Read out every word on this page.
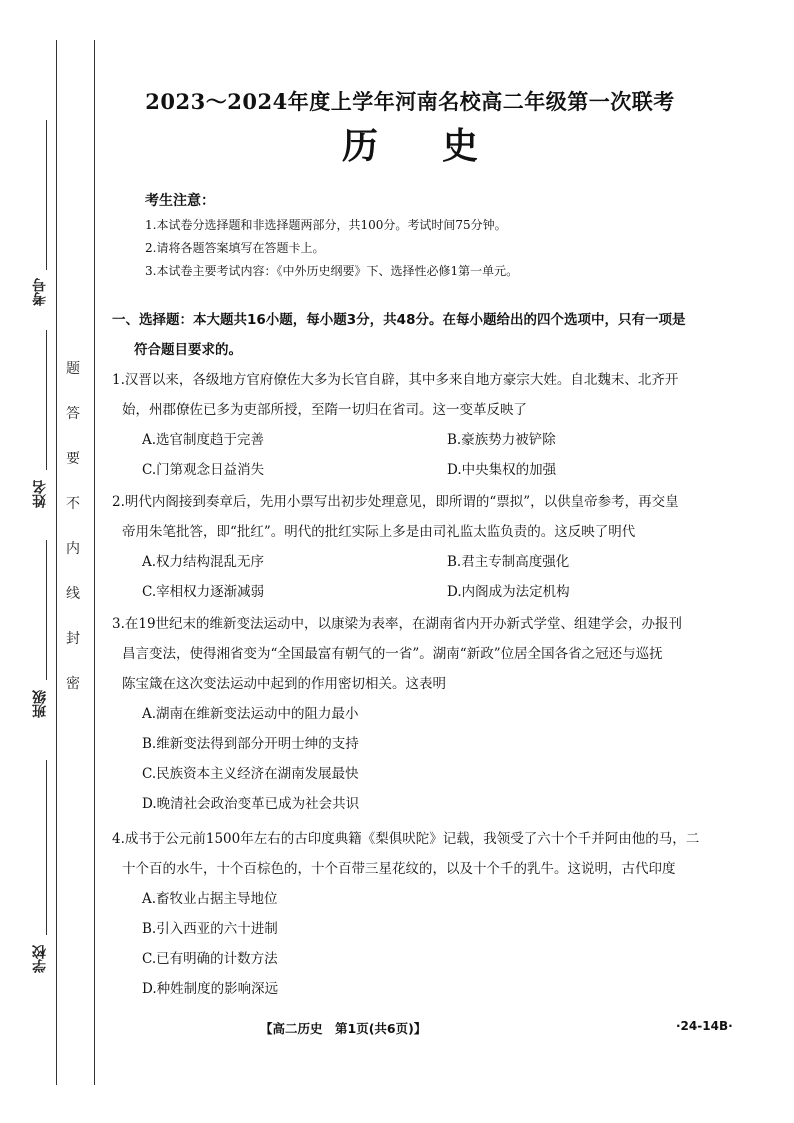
考号
姓名
班级
学校
题
答
要
不
内
线
封
密
2023～2024年度上学年河南名校高二年级第一次联考
历史
考生注意：
1.本试卷分选择题和非选择题两部分，共100分。考试时间75分钟。
2.请将各题答案填写在答题卡上。
3.本试卷主要考试内容：《中外历史纲要》下、选择性必修1第一单元。
一、选择题：本大题共16小题，每小题3分，共48分。在每小题给出的四个选项中，只有一项是
符合题目要求的。
1.汉晋以来，各级地方官府僚佐大多为长官自辟，其中多来自地方豪宗大姓。自北魏末、北齐开
始，州郡僚佐已多为吏部所授，至隋一切归在省司。这一变革反映了
A.选官制度趋于完善	B.豪族势力被铲除
C.门第观念日益消失	D.中央集权的加强
2.明代内阁接到奏章后，先用小票写出初步处理意见，即所谓的“票拟”，以供皇帝参考，再交皇
帝用朱笔批答，即“批红”。明代的批红实际上多是由司礼监太监负责的。这反映了明代
A.权力结构混乱无序	B.君主专制高度强化
C.宰相权力逐渐减弱	D.内阁成为法定机构
3.在19世纪末的维新变法运动中，以康梁为表率，在湖南省内开办新式学堂、组建学会，办报刊
昌言变法，使得湘省变为“全国最富有朝气的一省”。湖南“新政”位居全国各省之冠还与巡抚
陈宝箴在这次变法运动中起到的作用密切相关。这表明
A.湖南在维新变法运动中的阻力最小
B.维新变法得到部分开明士绅的支持
C.民族资本主义经济在湖南发展最快
D.晚清社会政治变革已成为社会共识
4.成书于公元前1500年左右的古印度典籍《梨俱吠陀》记载，我领受了六十个千并阿由他的马，二
十个百的水牛，十个百棕色的，十个百带三星花纹的，以及十个千的乳牛。这说明，古代印度
A.畜牧业占据主导地位
B.引入西亚的六十进制
C.已有明确的计数方法
D.种姓制度的影响深远
【高二历史　第1页(共6页)】	·24-14B·
